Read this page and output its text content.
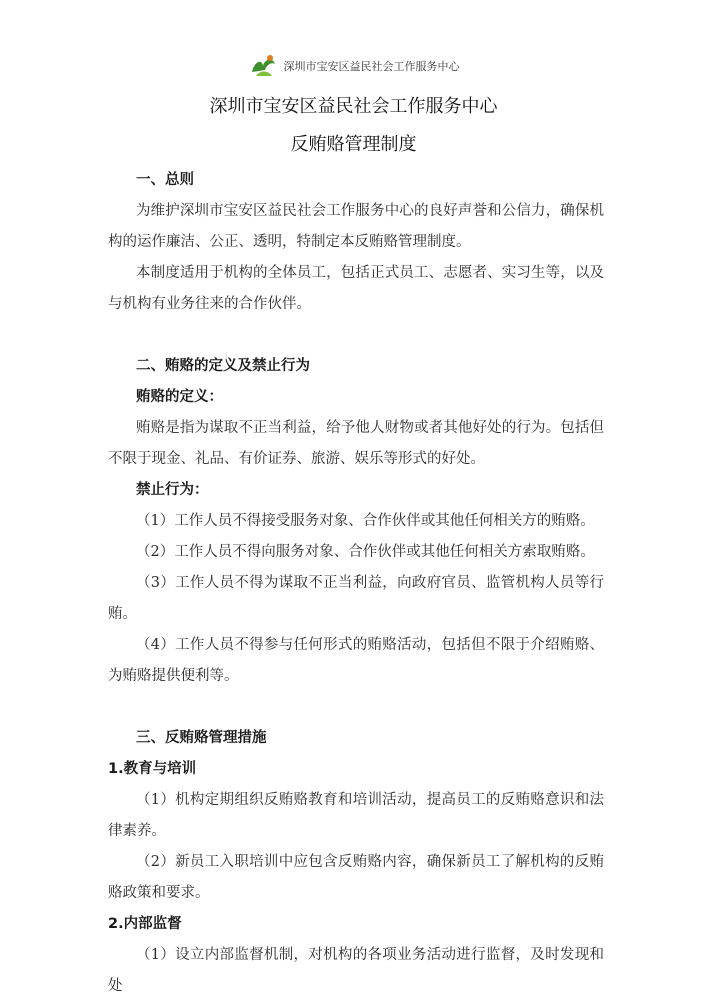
深圳市宝安区益民社会工作服务中心
深圳市宝安区益民社会工作服务中心
反贿赂管理制度
一、总则
为维护深圳市宝安区益民社会工作服务中心的良好声誉和公信力，确保机构的运作廉洁、公正、透明，特制定本反贿赂管理制度。
本制度适用于机构的全体员工，包括正式员工、志愿者、实习生等，以及与机构有业务往来的合作伙伴。
二、贿赂的定义及禁止行为
贿赂的定义：
贿赂是指为谋取不正当利益，给予他人财物或者其他好处的行为。包括但不限于现金、礼品、有价证券、旅游、娱乐等形式的好处。
禁止行为：
（1）工作人员不得接受服务对象、合作伙伴或其他任何相关方的贿赂。
（2）工作人员不得向服务对象、合作伙伴或其他任何相关方索取贿赂。
（3）工作人员不得为谋取不正当利益，向政府官员、监管机构人员等行贿。
（4）工作人员不得参与任何形式的贿赂活动，包括但不限于介绍贿赂、为贿赂提供便利等。
三、反贿赂管理措施
1.教育与培训
（1）机构定期组织反贿赂教育和培训活动，提高员工的反贿赂意识和法律素养。
（2）新员工入职培训中应包含反贿赂内容，确保新员工了解机构的反贿赂政策和要求。
2.内部监督
（1）设立内部监督机制，对机构的各项业务活动进行监督，及时发现和处
